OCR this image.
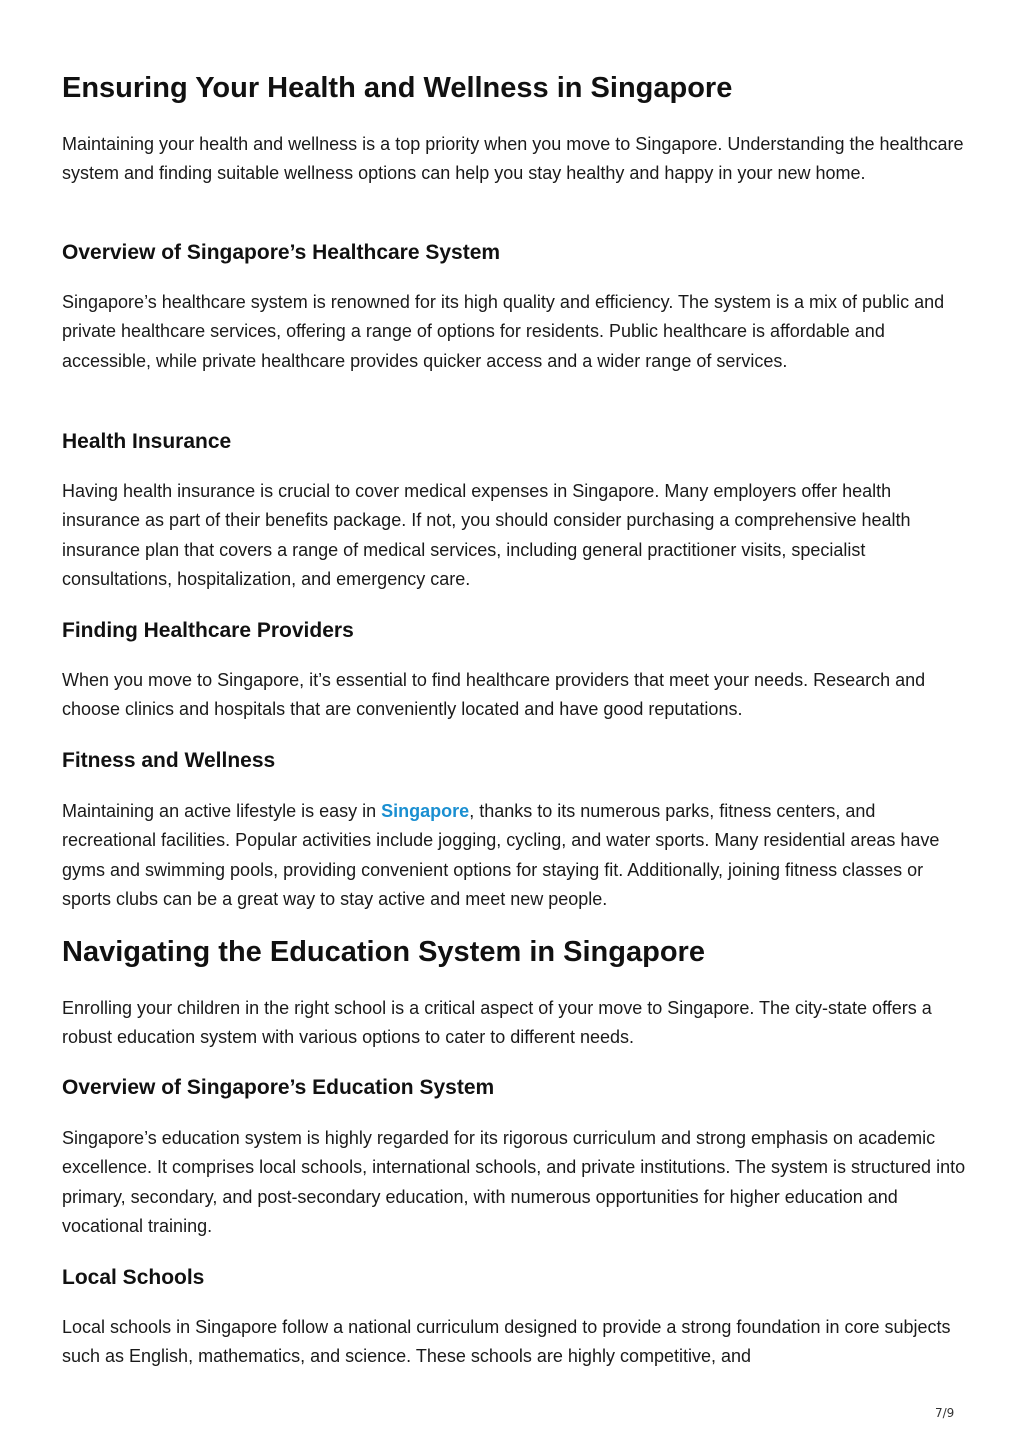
Ensuring Your Health and Wellness in Singapore

Maintaining your health and wellness is a top priority when you move to Singapore. Understanding the healthcare system and finding suitable wellness options can help you stay healthy and happy in your new home.

Overview of Singapore’s Healthcare System

Singapore’s healthcare system is renowned for its high quality and efficiency. The system is a mix of public and private healthcare services, offering a range of options for residents. Public healthcare is affordable and accessible, while private healthcare provides quicker access and a wider range of services.

Health Insurance

Having health insurance is crucial to cover medical expenses in Singapore. Many employers offer health insurance as part of their benefits package. If not, you should consider purchasing a comprehensive health insurance plan that covers a range of medical services, including general practitioner visits, specialist consultations, hospitalization, and emergency care.

Finding Healthcare Providers

When you move to Singapore, it’s essential to find healthcare providers that meet your needs. Research and choose clinics and hospitals that are conveniently located and have good reputations.

Fitness and Wellness

Maintaining an active lifestyle is easy in Singapore, thanks to its numerous parks, fitness centers, and recreational facilities. Popular activities include jogging, cycling, and water sports. Many residential areas have gyms and swimming pools, providing convenient options for staying fit. Additionally, joining fitness classes or sports clubs can be a great way to stay active and meet new people.

Navigating the Education System in Singapore

Enrolling your children in the right school is a critical aspect of your move to Singapore. The city-state offers a robust education system with various options to cater to different needs.

Overview of Singapore’s Education System

Singapore’s education system is highly regarded for its rigorous curriculum and strong emphasis on academic excellence. It comprises local schools, international schools, and private institutions. The system is structured into primary, secondary, and post-secondary education, with numerous opportunities for higher education and vocational training.

Local Schools

Local schools in Singapore follow a national curriculum designed to provide a strong foundation in core subjects such as English, mathematics, and science. These schools are highly competitive, and

7/9
